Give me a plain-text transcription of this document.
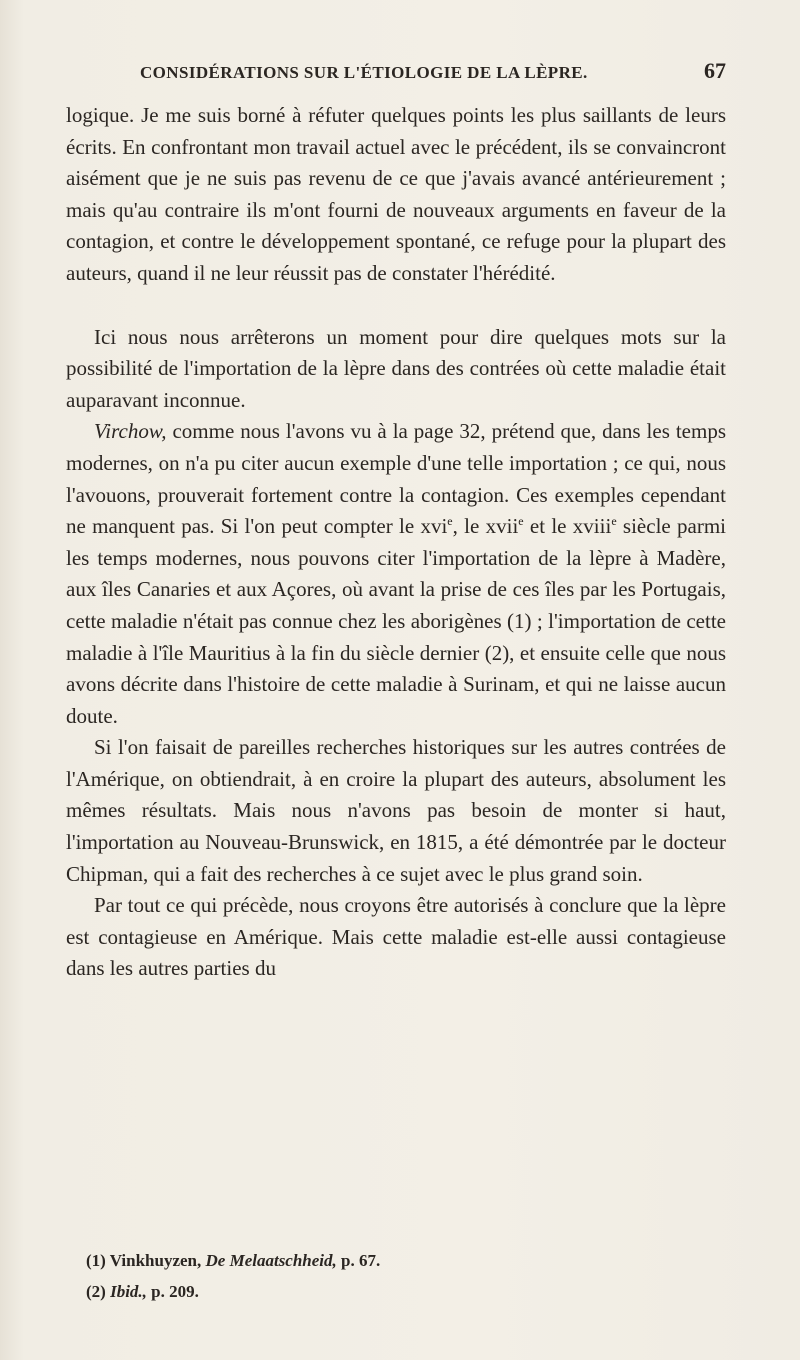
CONSIDÉRATIONS SUR L'ÉTIOLOGIE DE LA LÈPRE.	67

logique. Je me suis borné à réfuter quelques points les plus saillants de leurs écrits. En confrontant mon travail actuel avec le précédent, ils se convaincront aisément que je ne suis pas revenu de ce que j'avais avancé antérieurement ; mais qu'au contraire ils m'ont fourni de nouveaux arguments en faveur de la contagion, et contre le développement spontané, ce refuge pour la plupart des auteurs, quand il ne leur réussit pas de constater l'hérédité.

Ici nous nous arrêterons un moment pour dire quelques mots sur la possibilité de l'importation de la lèpre dans des contrées où cette maladie était auparavant inconnue.

Virchow, comme nous l'avons vu à la page 32, prétend que, dans les temps modernes, on n'a pu citer aucun exemple d'une telle importation ; ce qui, nous l'avouons, prouverait fortement contre la contagion. Ces exemples cependant ne manquent pas. Si l'on peut compter le xvi$^e$, le xvii$^e$ et le xviii$^e$ siècle parmi les temps modernes, nous pouvons citer l'importation de la lèpre à Madère, aux îles Canaries et aux Açores, où avant la prise de ces îles par les Portugais, cette maladie n'était pas connue chez les aborigènes (1) ; l'importation de cette maladie à l'île Mauritius à la fin du siècle dernier (2), et ensuite celle que nous avons décrite dans l'histoire de cette maladie à Surinam, et qui ne laisse aucun doute.

Si l'on faisait de pareilles recherches historiques sur les autres contrées de l'Amérique, on obtiendrait, à en croire la plupart des auteurs, absolument les mêmes résultats. Mais nous n'avons pas besoin de monter si haut, l'importation au Nouveau-Brunswick, en 1815, a été démontrée par le docteur Chipman, qui a fait des recherches à ce sujet avec le plus grand soin.

Par tout ce qui précède, nous croyons être autorisés à conclure que la lèpre est contagieuse en Amérique. Mais cette maladie est-elle aussi contagieuse dans les autres parties du

(1) Vinkhuyzen, De Melaatschheid, p. 67.
(2) Ibid., p. 209.
